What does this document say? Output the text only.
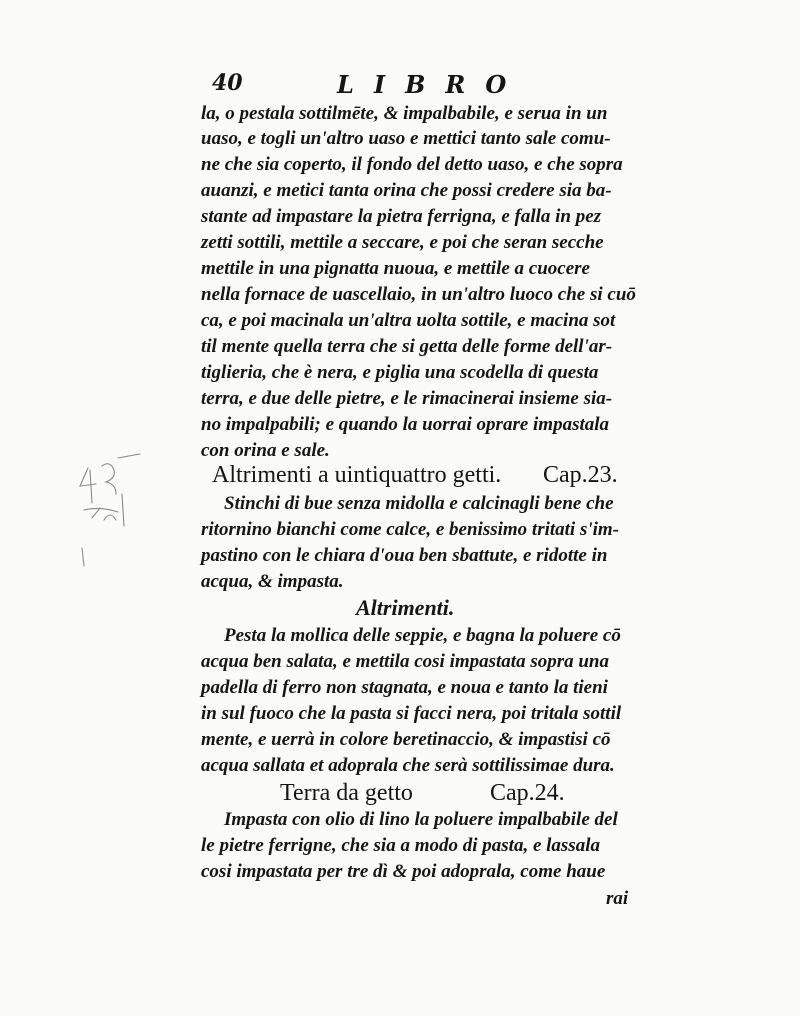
40	LIBRO
la, o pestala sottilmēte, & impalbabile, e serua in un
uaso, e togli un'altro uaso e mettici tanto sale comu-
ne che sia coperto, il fondo del detto uaso, e che sopra
auanzi, e metici tanta orina che possi credere sia ba-
stante ad impastare la pietra ferrigna, e falla in pez
zetti sottili, mettile a seccare, e poi che seran secche
mettile in una pignatta nuoua, e mettile a cuocere
nella fornace de uascellaio, in un'altro luoco che si cuō
ca, e poi macinala un'altra uolta sottile, e macina sot
til mente quella terra che si getta delle forme dell'ar-
tiglieria, che è nera, e piglia una scodella di questa
terra, e due delle pietre, e le rimacinerai insieme sia-
no impalpabili; e quando la uorrai oprare impastala
con orina e sale.
Altrimenti a uintiquattro getti. Cap.23.
Stinchi di bue senza midolla e calcinagli bene che
ritornino bianchi come calce, e benissimo tritati s'im-
pastino con le chiara d'oua ben sbattute, e ridotte in
acqua, & impasta.
Altrimenti.
Pesta la mollica delle seppie, e bagna la poluere cō
acqua ben salata, e mettila cosi impastata sopra una
padella di ferro non stagnata, e noua e tanto la tieni
in sul fuoco che la pasta si facci nera, poi tritala sottil
mente, e uerrà in colore beretinaccio, & impastisi cō
acqua sallata et adoprala che serà sottilissimae dura.
Terra da getto	Cap.24.
Impasta con olio di lino la poluere impalbabile del
le pietre ferrigne, che sia a modo di pasta, e lassala
cosi impastata per tre dì & poi adoprala, come haue
rai
